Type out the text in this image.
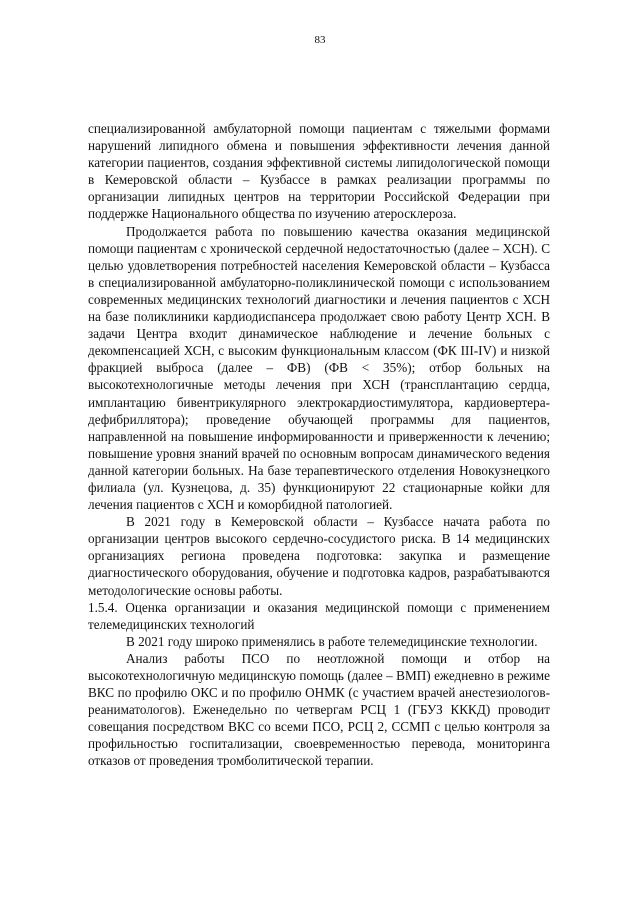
83

специализированной амбулаторной помощи пациентам с тяжелыми формами нарушений липидного обмена и повышения эффективности лечения данной категории пациентов, создания эффективной системы липидологической помощи в Кемеровской области – Кузбассе в рамках реализации программы по организации липидных центров на территории Российской Федерации при поддержке Национального общества по изучению атеросклероза.

Продолжается работа по повышению качества оказания медицинской помощи пациентам с хронической сердечной недостаточностью (далее – ХСН). С целью удовлетворения потребностей населения Кемеровской области – Кузбасса в специализированной амбулаторно-поликлинической помощи с использованием современных медицинских технологий диагностики и лечения пациентов с ХСН на базе поликлиники кардиодиспансера продолжает свою работу Центр ХСН. В задачи Центра входит динамическое наблюдение и лечение больных с декомпенсацией ХСН, с высоким функциональным классом (ФК III-IV) и низкой фракцией выброса (далее – ФВ) (ФВ < 35%); отбор больных на высокотехнологичные методы лечения при ХСН (трансплантацию сердца, имплантацию бивентрикулярного электрокардиостимулятора, кардиовертера-дефибриллятора); проведение обучающей программы для пациентов, направленной на повышение информированности и приверженности к лечению; повышение уровня знаний врачей по основным вопросам динамического ведения данной категории больных. На базе терапевтического отделения Новокузнецкого филиала (ул. Кузнецова, д. 35) функционируют 22 стационарные койки для лечения пациентов с ХСН и коморбидной патологией.

В 2021 году в Кемеровской области – Кузбассе начата работа по организации центров высокого сердечно-сосудистого риска. В 14 медицинских организациях региона проведена подготовка: закупка и размещение диагностического оборудования, обучение и подготовка кадров, разрабатываются методологические основы работы.

1.5.4. Оценка организации и оказания медицинской помощи с применением телемедицинских технологий

В 2021 году широко применялись в работе телемедицинские технологии.

Анализ работы ПСО по неотложной помощи и отбор на высокотехнологичную медицинскую помощь (далее – ВМП) ежедневно в режиме ВКС по профилю ОКС и по профилю ОНМК (с участием врачей анестезиологов-реаниматологов). Еженедельно по четвергам РСЦ 1 (ГБУЗ КККД) проводит совещания посредством ВКС со всеми ПСО, РСЦ 2, ССМП с целью контроля за профильностью госпитализации, своевременностью перевода, мониторинга отказов от проведения тромболитической терапии.
